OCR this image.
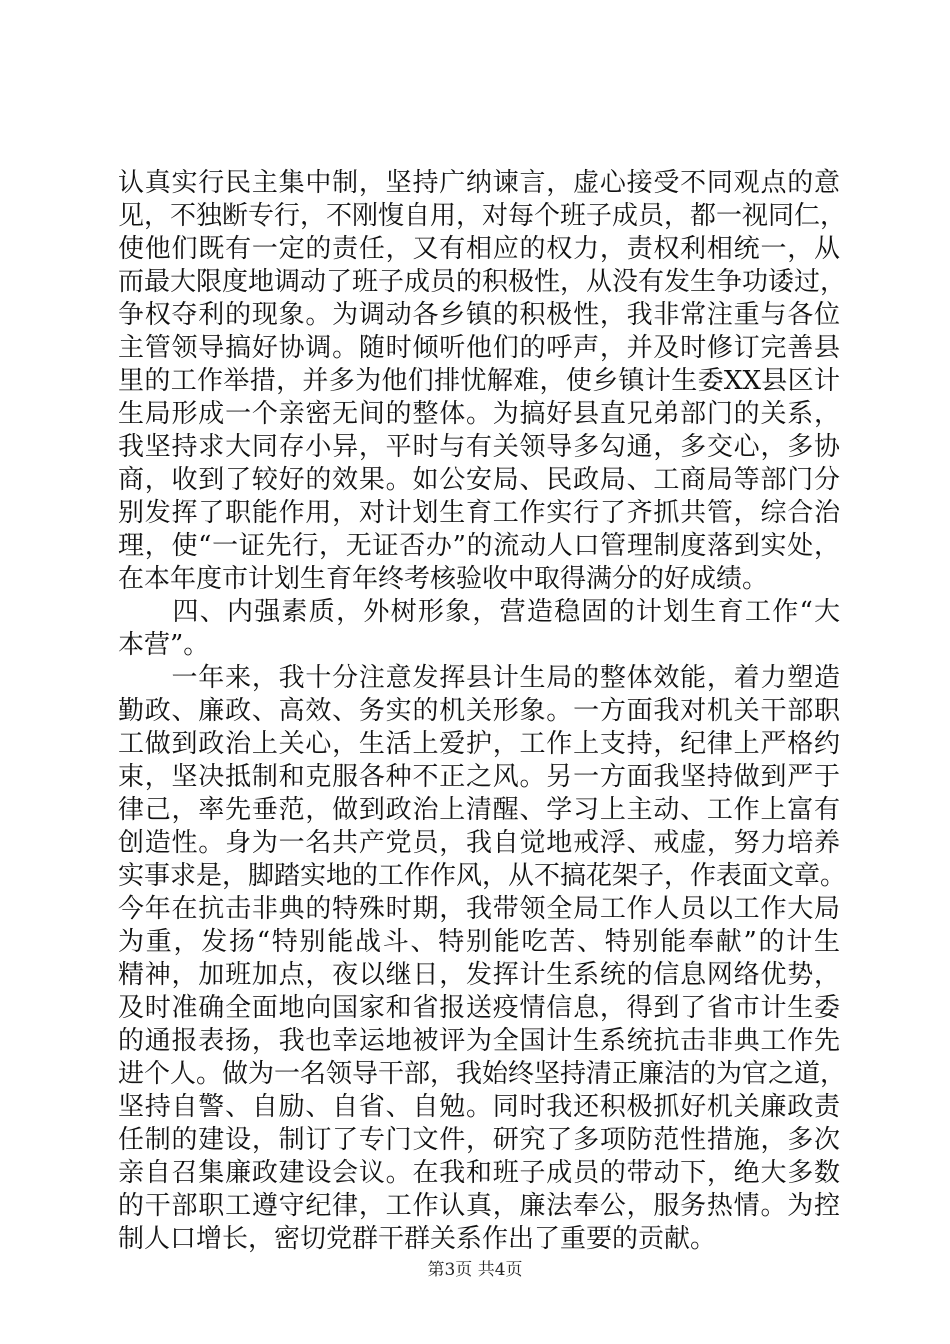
认真实行民主集中制，坚持广纳谏言，虚心接受不同观点的意
见，不独断专行，不刚愎自用，对每个班子成员，都一视同仁，
使他们既有一定的责任，又有相应的权力，责权利相统一，从
而最大限度地调动了班子成员的积极性，从没有发生争功诿过，
争权夺利的现象。为调动各乡镇的积极性，我非常注重与各位
主管领导搞好协调。随时倾听他们的呼声，并及时修订完善县
里的工作举措，并多为他们排忧解难，使乡镇计生委XX县区计
生局形成一个亲密无间的整体。为搞好县直兄弟部门的关系，
我坚持求大同存小异，平时与有关领导多勾通，多交心，多协
商，收到了较好的效果。如公安局、民政局、工商局等部门分
别发挥了职能作用，对计划生育工作实行了齐抓共管，综合治
理，使“一证先行，无证否办”的流动人口管理制度落到实处，
在本年度市计划生育年终考核验收中取得满分的好成绩。
　　四、内强素质，外树形象，营造稳固的计划生育工作“大
本营”。
　　一年来，我十分注意发挥县计生局的整体效能，着力塑造
勤政、廉政、高效、务实的机关形象。一方面我对机关干部职
工做到政治上关心，生活上爱护，工作上支持，纪律上严格约
束，坚决抵制和克服各种不正之风。另一方面我坚持做到严于
律己，率先垂范，做到政治上清醒、学习上主动、工作上富有
创造性。身为一名共产党员，我自觉地戒浮、戒虚，努力培养
实事求是，脚踏实地的工作作风，从不搞花架子，作表面文章。
今年在抗击非典的特殊时期，我带领全局工作人员以工作大局
为重，发扬“特别能战斗、特别能吃苦、特别能奉献”的计生
精神，加班加点，夜以继日，发挥计生系统的信息网络优势，
及时准确全面地向国家和省报送疫情信息，得到了省市计生委
的通报表扬，我也幸运地被评为全国计生系统抗击非典工作先
进个人。做为一名领导干部，我始终坚持清正廉洁的为官之道，
坚持自警、自励、自省、自勉。同时我还积极抓好机关廉政责
任制的建设，制订了专门文件，研究了多项防范性措施，多次
亲自召集廉政建设会议。在我和班子成员的带动下，绝大多数
的干部职工遵守纪律，工作认真，廉法奉公，服务热情。为控
制人口增长，密切党群干群关系作出了重要的贡献。
第3页 共4页
